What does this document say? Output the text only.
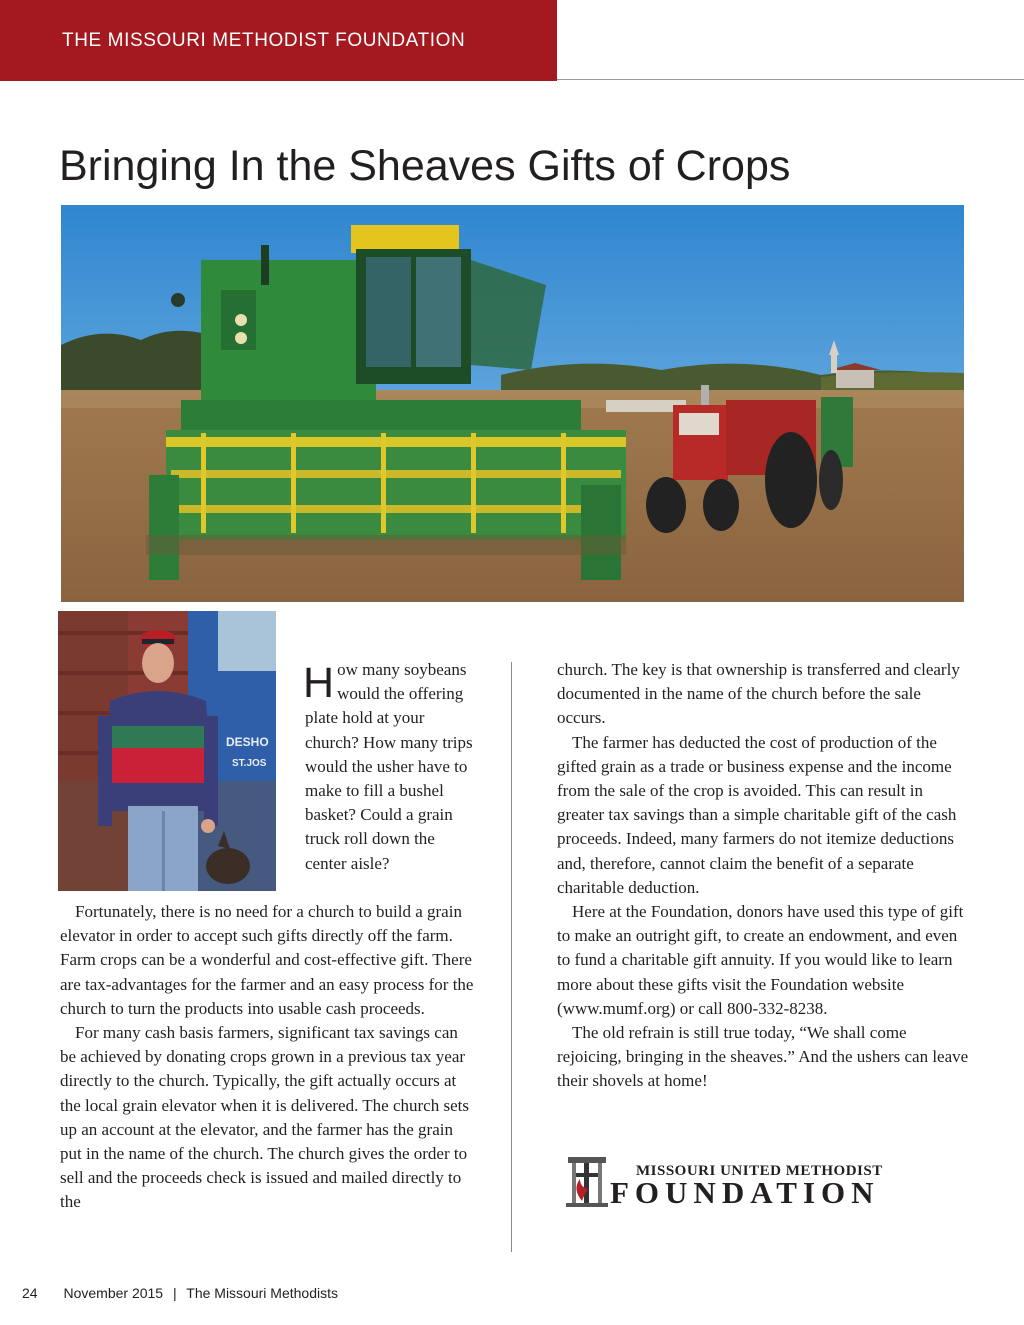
THE MISSOURI METHODIST FOUNDATION
Bringing In the Sheaves Gifts of Crops
DESHO
ST.JOS

How many soybeans would the offering plate hold at your church? How many trips would the usher have to make to fill a bushel basket? Could a grain truck roll down the center aisle?

Fortunately, there is no need for a church to build a grain elevator in order to accept such gifts directly off the farm. Farm crops can be a wonderful and cost-effective gift. There are tax-advantages for the farmer and an easy process for the church to turn the products into usable cash proceeds.

For many cash basis farmers, significant tax savings can be achieved by donating crops grown in a previous tax year directly to the church. Typically, the gift actually occurs at the local grain elevator when it is delivered. The church sets up an account at the elevator, and the farmer has the grain put in the name of the church. The church gives the order to sell and the proceeds check is issued and mailed directly to the

church. The key is that ownership is transferred and clearly documented in the name of the church before the sale occurs.

The farmer has deducted the cost of production of the gifted grain as a trade or business expense and the income from the sale of the crop is avoided. This can result in greater tax savings than a simple charitable gift of the cash proceeds. Indeed, many farmers do not itemize deductions and, therefore, cannot claim the benefit of a separate charitable deduction.

Here at the Foundation, donors have used this type of gift to make an outright gift, to create an endowment, and even to fund a charitable gift annuity. If you would like to learn more about these gifts visit the Foundation website (www.mumf.org) or call 800-332-8238.

The old refrain is still true today, “We shall come rejoicing, bringing in the sheaves.” And the ushers can leave their shovels at home!

MISSOURI UNITED METHODIST
FOUNDATION
24 November 2015 | The Missouri Methodists
